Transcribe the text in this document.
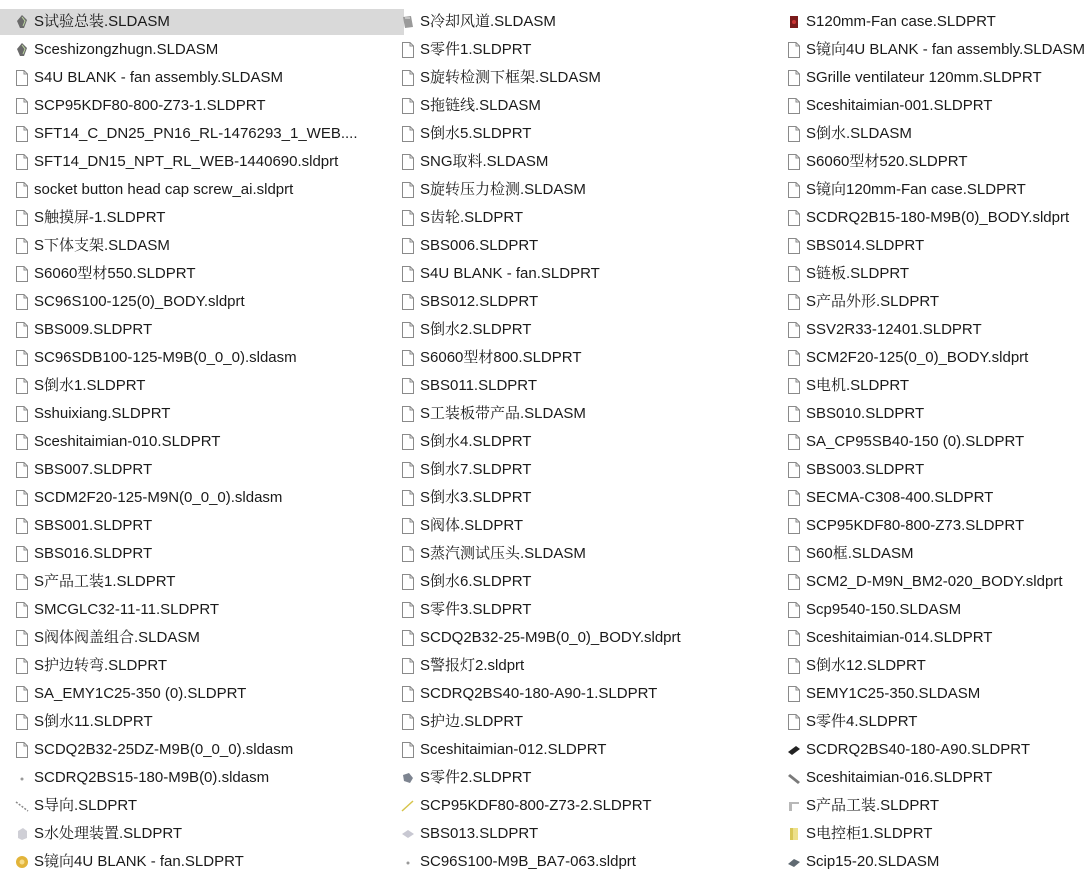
S试验总装.SLDASM
Sceshizongzhugn.SLDASM
S4U BLANK - fan assembly.SLDASM
SCP95KDF80-800-Z73-1.SLDPRT
SFT14_C_DN25_PN16_RL-1476293_1_WEB....
SFT14_DN15_NPT_RL_WEB-1440690.sldprt
socket button head cap screw_ai.sldprt
S触摸屏-1.SLDPRT
S下体支架.SLDASM
S6060型材550.SLDPRT
SC96S100-125(0)_BODY.sldprt
SBS009.SLDPRT
SC96SDB100-125-M9B(0_0_0).sldasm
S倒水1.SLDPRT
Sshuixiang.SLDPRT
Sceshitaimian-010.SLDPRT
SBS007.SLDPRT
SCDM2F20-125-M9N(0_0_0).sldasm
SBS001.SLDPRT
SBS016.SLDPRT
S产品工装1.SLDPRT
SMCGLC32-11-11.SLDPRT
S阀体阀盖组合.SLDASM
S护边转弯.SLDPRT
SA_EMY1C25-350 (0).SLDPRT
S倒水11.SLDPRT
SCDQ2B32-25DZ-M9B(0_0_0).sldasm
SCDRQ2BS15-180-M9B(0).sldasm
S导向.SLDPRT
S水处理装置.SLDPRT
S镜向4U BLANK - fan.SLDPRT
S冷却风道.SLDASM
S零件1.SLDPRT
S旋转检测下框架.SLDASM
S拖链线.SLDASM
S倒水5.SLDPRT
SNG取料.SLDASM
S旋转压力检测.SLDASM
S齿轮.SLDPRT
SBS006.SLDPRT
S4U BLANK - fan.SLDPRT
SBS012.SLDPRT
S倒水2.SLDPRT
S6060型材800.SLDPRT
SBS011.SLDPRT
S工装板带产品.SLDASM
S倒水4.SLDPRT
S倒水7.SLDPRT
S倒水3.SLDPRT
S阀体.SLDPRT
S蒸汽测试压头.SLDASM
S倒水6.SLDPRT
S零件3.SLDPRT
SCDQ2B32-25-M9B(0_0)_BODY.sldprt
S警报灯2.sldprt
SCDRQ2BS40-180-A90-1.SLDPRT
S护边.SLDPRT
Sceshitaimian-012.SLDPRT
S零件2.SLDPRT
SCP95KDF80-800-Z73-2.SLDPRT
SBS013.SLDPRT
SC96S100-M9B_BA7-063.sldprt
S120mm-Fan case.SLDPRT
S镜向4U BLANK - fan assembly.SLDASM
SGrille ventilateur 120mm.SLDPRT
Sceshitaimian-001.SLDPRT
S倒水.SLDASM
S6060型材520.SLDPRT
S镜向120mm-Fan case.SLDPRT
SCDRQ2B15-180-M9B(0)_BODY.sldprt
SBS014.SLDPRT
S链板.SLDPRT
S产品外形.SLDPRT
SSV2R33-12401.SLDPRT
SCM2F20-125(0_0)_BODY.sldprt
S电机.SLDPRT
SBS010.SLDPRT
SA_CP95SB40-150 (0).SLDPRT
SBS003.SLDPRT
SECMA-C308-400.SLDPRT
SCP95KDF80-800-Z73.SLDPRT
S60框.SLDASM
SCM2_D-M9N_BM2-020_BODY.sldprt
Scp9540-150.SLDASM
Sceshitaimian-014.SLDPRT
S倒水12.SLDPRT
SEMY1C25-350.SLDASM
S零件4.SLDPRT
SCDRQ2BS40-180-A90.SLDPRT
Sceshitaimian-016.SLDPRT
S产品工装.SLDPRT
S电控柜1.SLDPRT
Scip15-20.SLDASM
